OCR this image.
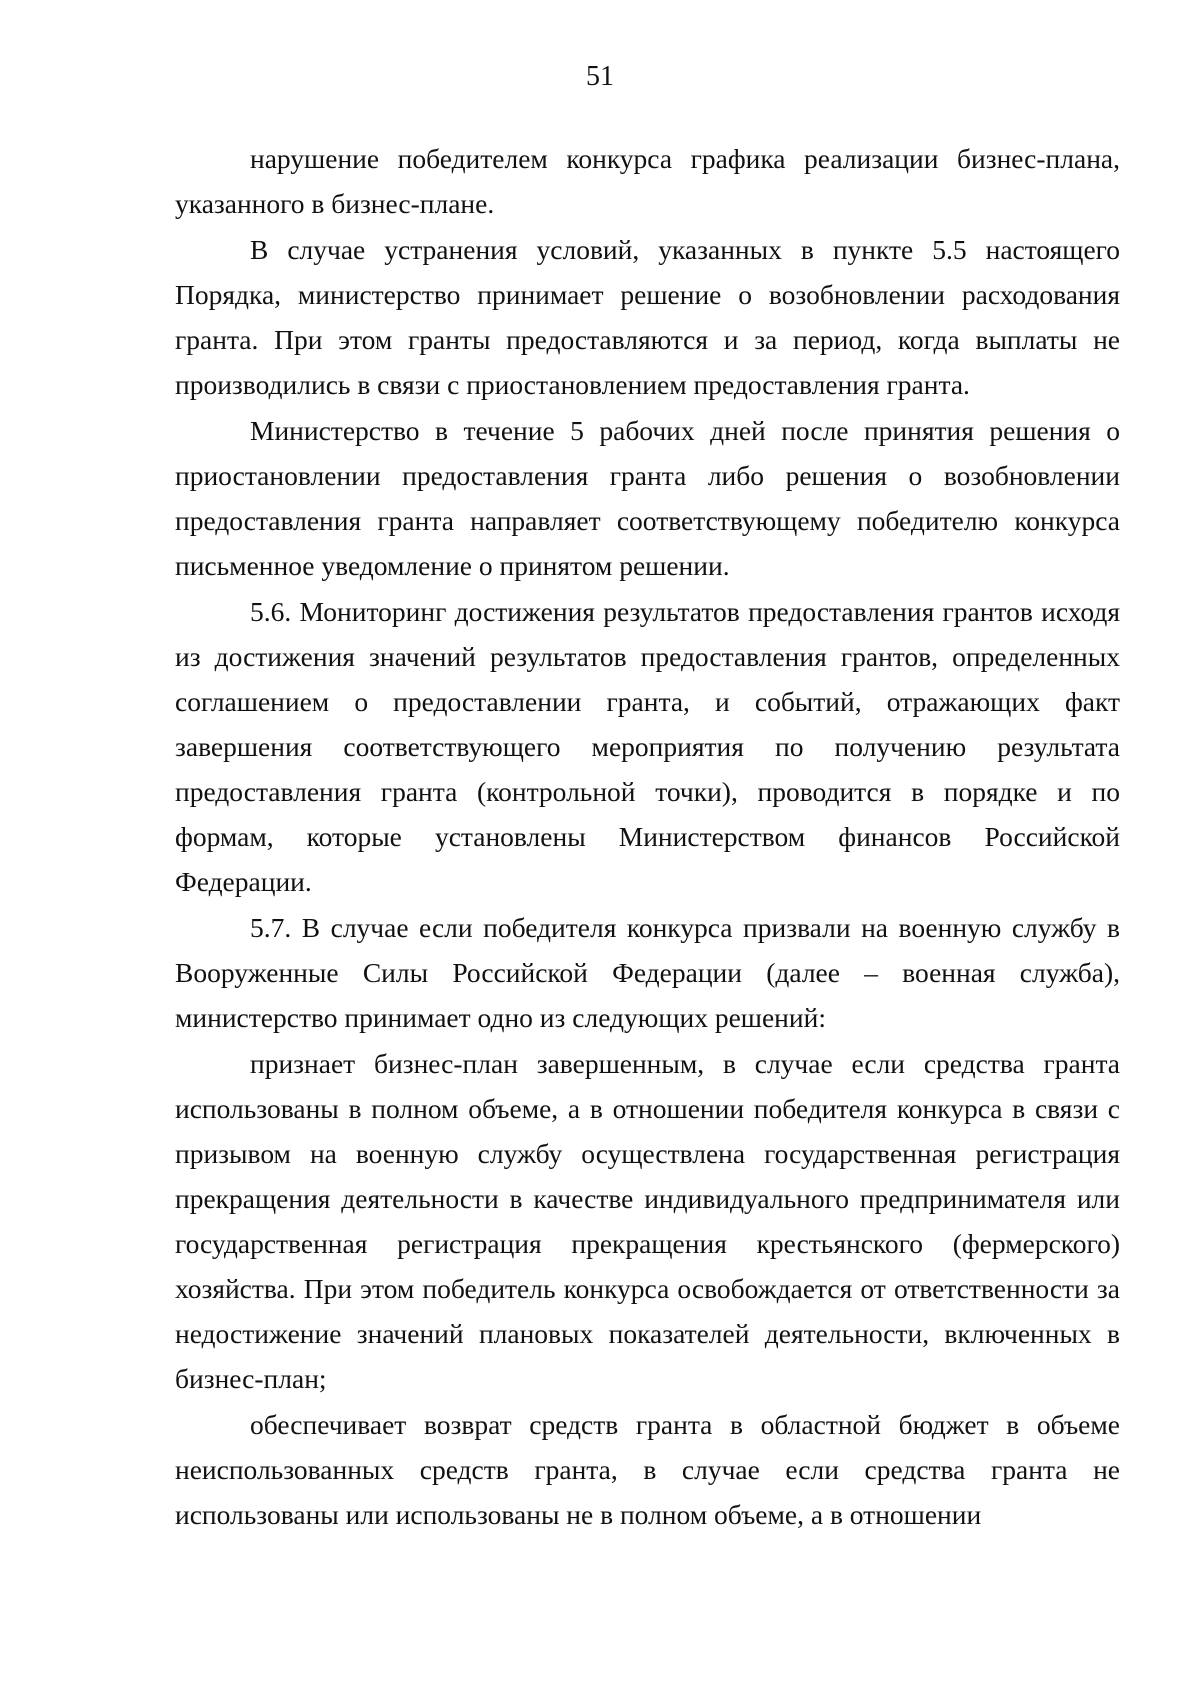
51

нарушение победителем конкурса графика реализации бизнес-плана, указанного в бизнес-плане.

В случае устранения условий, указанных в пункте 5.5 настоящего Порядка, министерство принимает решение о возобновлении расходования гранта. При этом гранты предоставляются и за период, когда выплаты не производились в связи с приостановлением предоставления гранта.

Министерство в течение 5 рабочих дней после принятия решения о приостановлении предоставления гранта либо решения о возобновлении предоставления гранта направляет соответствующему победителю конкурса письменное уведомление о принятом решении.

5.6. Мониторинг достижения результатов предоставления грантов исходя из достижения значений результатов предоставления грантов, определенных соглашением о предоставлении гранта, и событий, отражающих факт завершения соответствующего мероприятия по получению результата предоставления гранта (контрольной точки), проводится в порядке и по формам, которые установлены Министерством финансов Российской Федерации.

5.7. В случае если победителя конкурса призвали на военную службу в Вооруженные Силы Российской Федерации (далее – военная служба), министерство принимает одно из следующих решений:

признает бизнес-план завершенным, в случае если средства гранта использованы в полном объеме, а в отношении победителя конкурса в связи с призывом на военную службу осуществлена государственная регистрация прекращения деятельности в качестве индивидуального предпринимателя или государственная регистрация прекращения крестьянского (фермерского) хозяйства. При этом победитель конкурса освобождается от ответственности за недостижение значений плановых показателей деятельности, включенных в бизнес-план;

обеспечивает возврат средств гранта в областной бюджет в объеме неиспользованных средств гранта, в случае если средства гранта не использованы или использованы не в полном объеме, а в отношении
